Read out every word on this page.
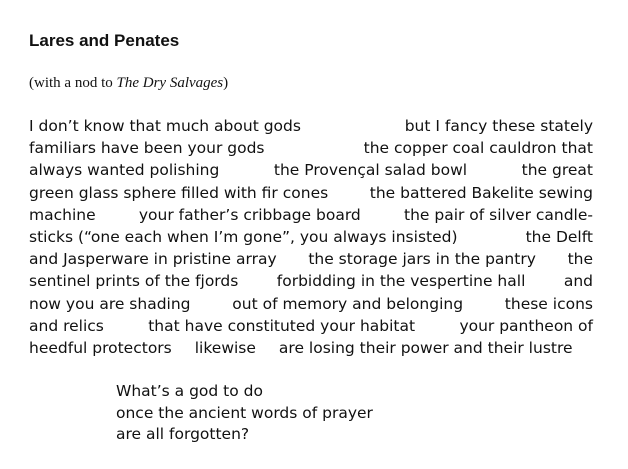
Lares and Penates
(with a nod to The Dry Salvages)
I don’t know that much about gods	but I fancy these stately
familiars have been your gods	the copper coal cauldron that
always wanted polishing	the Provençal salad bowl	the great
green glass sphere filled with fir cones	the battered Bakelite sewing
machine	your father’s cribbage board	the pair of silver candle-
sticks (“one each when I’m gone”, you always insisted)	the Delft
and Jasperware in pristine array the storage jars in the pantry the
sentinel prints of the fjords forbidding in the vespertine hall and
now you are shading	out of memory and belonging	these icons
and relics	that have constituted your habitat	your pantheon of
heedful protectors likewise are losing their power and their lustre
What’s a god to do
once the ancient words of prayer
are all forgotten?
